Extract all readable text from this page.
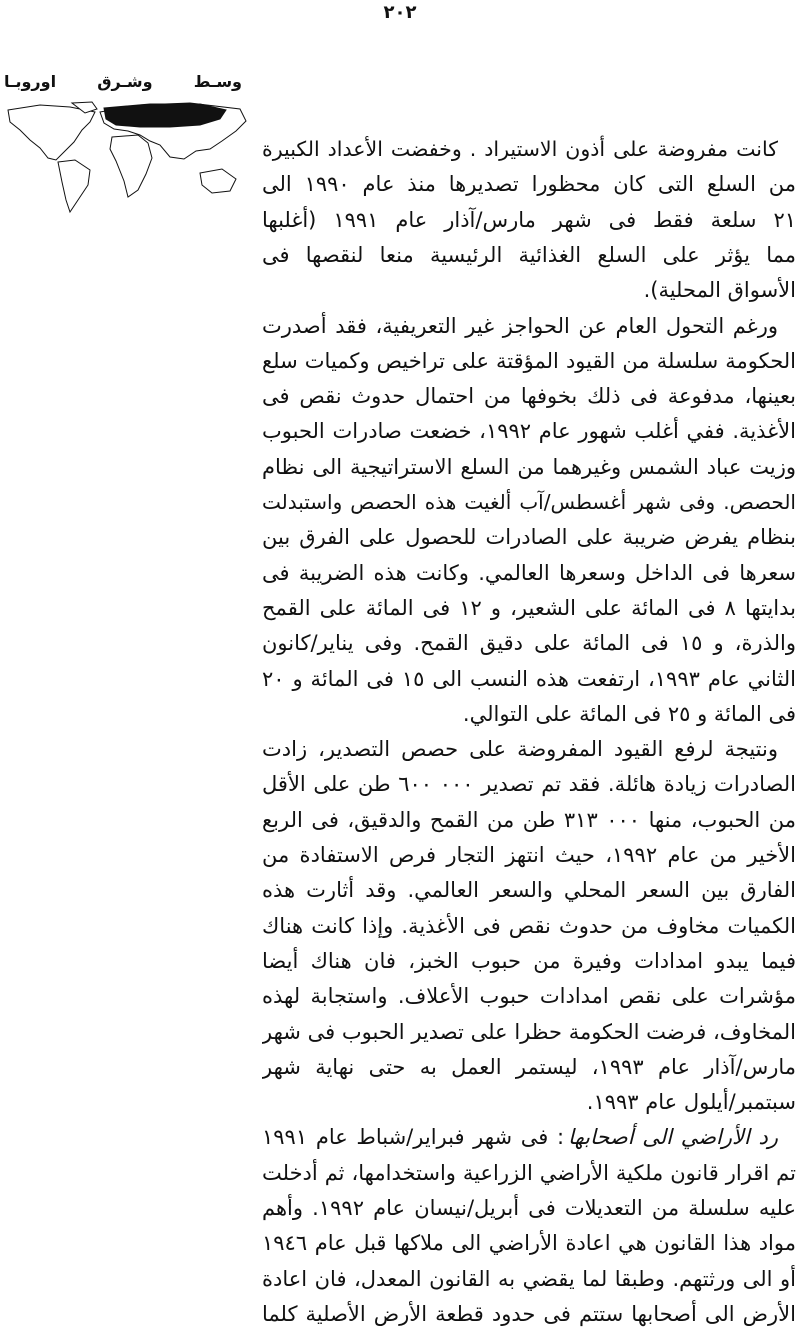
٢٠٢
وسـط وشـرق اوروبـا
كانت مفروضة على أذون الاستيراد . وخفضت الأعداد الكبيرة
من السلع التى كان محظورا تصديرها منذ عام ١٩٩٠ الى
٢١ سلعة فقط فى شهر مارس/آذار عام ١٩٩١ (أغلبها
مما يؤثر على السلع الغذائية الرئيسية منعا لنقصها فى
الأسواق المحلية).
ورغم التحول العام عن الحواجز غير التعريفية، فقد أصدرت
الحكومة سلسلة من القيود المؤقتة على تراخيص وكميات سلع
بعينها، مدفوعة فى ذلك بخوفها من احتمال حدوث نقص فى
الأغذية. ففي أغلب شهور عام ١٩٩٢، خضعت صادرات الحبوب
وزيت عباد الشمس وغيرهما من السلع الاستراتيجية الى نظام
الحصص. وفى شهر أغسطس/آب ألغيت هذه الحصص واستبدلت
بنظام يفرض ضريبة على الصادرات للحصول على الفرق بين
سعرها فى الداخل وسعرها العالمي. وكانت هذه الضريبة فى
بدايتها ٨ فى المائة على الشعير، و ١٢ فى المائة على القمح
والذرة، و ١٥ فى المائة على دقيق القمح. وفى يناير/كانون
الثاني عام ١٩٩٣، ارتفعت هذه النسب الى ١٥ فى المائة و ٢٠
فى المائة و ٢٥ فى المائة على التوالي.
ونتيجة لرفع القيود المفروضة على حصص التصدير، زادت
الصادرات زيادة هائلة. فقد تم تصدير ٠٠٠ ٦٠٠ طن على الأقل
من الحبوب، منها ٠٠٠ ٣١٣ طن من القمح والدقيق، فى الربع
الأخير من عام ١٩٩٢، حيث انتهز التجار فرص الاستفادة من
الفارق بين السعر المحلي والسعر العالمي. وقد أثارت هذه
الكميات مخاوف من حدوث نقص فى الأغذية. وإذا كانت هناك
فيما يبدو امدادات وفيرة من حبوب الخبز، فان هناك أيضا
مؤشرات على نقص امدادات حبوب الأعلاف. واستجابة لهذه
المخاوف، فرضت الحكومة حظرا على تصدير الحبوب فى شهر
مارس/آذار عام ١٩٩٣، ليستمر العمل به حتى نهاية شهر
سبتمبر/أيلول عام ١٩٩٣.
رد الأراضي الى أصحابها: فى شهر فبراير/شباط عام ١٩٩١
تم اقرار قانون ملكية الأراضي الزراعية واستخدامها، ثم أدخلت
عليه سلسلة من التعديلات فى أبريل/نيسان عام ١٩٩٢. وأهم
مواد هذا القانون هي اعادة الأراضي الى ملاكها قبل عام ١٩٤٦
أو الى ورثتهم. وطبقا لما يقضي به القانون المعدل، فان اعادة
الأرض الى أصحابها ستتم فى حدود قطعة الأرض الأصلية كلما
